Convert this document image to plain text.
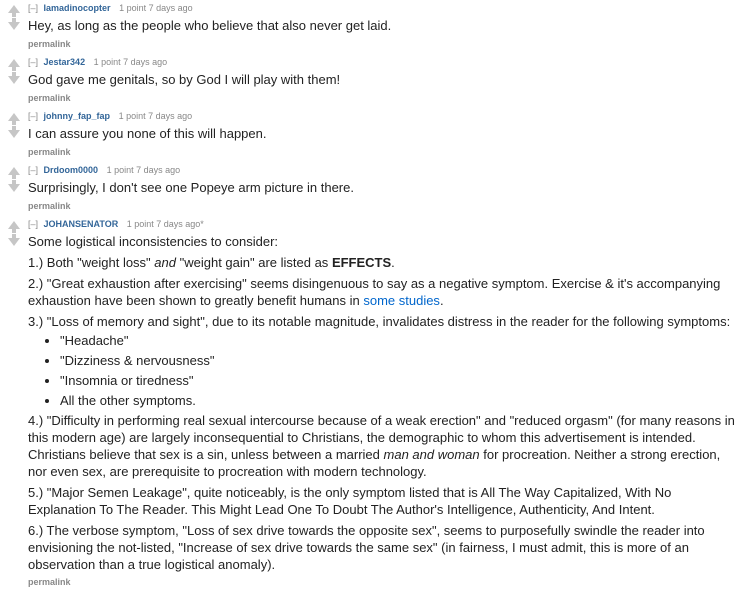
[–] Iamadinocopter 1 point 7 days ago
Hey, as long as the people who believe that also never get laid.
permalink
[–] Jestar342 1 point 7 days ago
God gave me genitals, so by God I will play with them!
permalink
[–] johnny_fap_fap 1 point 7 days ago
I can assure you none of this will happen.
permalink
[–] Drdoom0000 1 point 7 days ago
Surprisingly, I don't see one Popeye arm picture in there.
permalink
[–] JOHANSENATOR 1 point 7 days ago*

Some logistical inconsistencies to consider:

1.) Both "weight loss" and "weight gain" are listed as EFFECTS.

2.) "Great exhaustion after exercising" seems disingenuous to say as a negative symptom. Exercise & it's accompanying exhaustion have been shown to greatly benefit humans in some studies.

3.) "Loss of memory and sight", due to its notable magnitude, invalidates distress in the reader for the following symptoms:

• "Headache"
• "Dizziness & nervousness"
• "Insomnia or tiredness"
• All the other symptoms.

4.) "Difficulty in performing real sexual intercourse because of a weak erection" and "reduced orgasm" (for many reasons in this modern age) are largely inconsequential to Christians, the demographic to whom this advertisement is intended. Christians believe that sex is a sin, unless between a married man and woman for procreation. Neither a strong erection, nor even sex, are prerequisite to procreation with modern technology.

5.) "Major Semen Leakage", quite noticeably, is the only symptom listed that is All The Way Capitalized, With No Explanation To The Reader. This Might Lead One To Doubt The Author's Intelligence, Authenticity, And Intent.

6.) The verbose symptom, "Loss of sex drive towards the opposite sex", seems to purposefully swindle the reader into envisioning the not-listed, "Increase of sex drive towards the same sex" (in fairness, I must admit, this is more of an observation than a true logistical anomaly).

permalink
